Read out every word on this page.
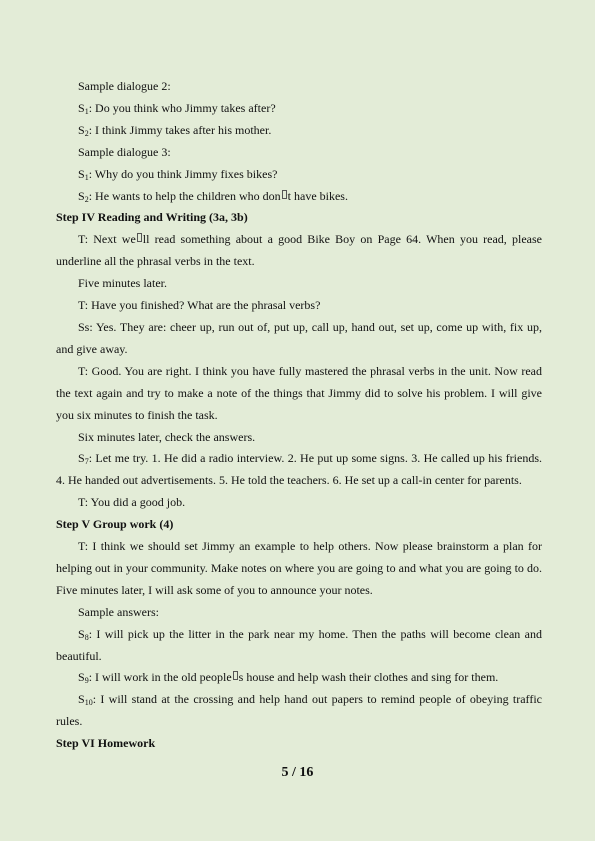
Sample dialogue 2:

$S_1$: Do you think who Jimmy takes after?

$S_2$: I think Jimmy takes after his mother.

Sample dialogue 3:

$S_1$: Why do you think Jimmy fixes bikes?

$S_2$: He wants to help the children who don t have bikes.

Step IV Reading and Writing (3a, 3b)

T: Next we ll read something about a good Bike Boy on Page 64. When you read, please underline all the phrasal verbs in the text.

Five minutes later.

T: Have you finished? What are the phrasal verbs?

Ss: Yes. They are: cheer up, run out of, put up, call up, hand out, set up, come up with, fix up, and give away.

T: Good. You are right. I think you have fully mastered the phrasal verbs in the unit. Now read the text again and try to make a note of the things that Jimmy did to solve his problem. I will give you six minutes to finish the task.

Six minutes later, check the answers.

$S_7$: Let me try. 1. He did a radio interview. 2. He put up some signs. 3. He called up his friends. 4. He handed out advertisements. 5. He told the teachers. 6. He set up a call-in center for parents.

T: You did a good job.

Step V Group work (4)

T: I think we should set Jimmy an example to help others. Now please brainstorm a plan for helping out in your community. Make notes on where you are going to and what you are going to do. Five minutes later, I will ask some of you to announce your notes.

Sample answers:

$S_8$: I will pick up the litter in the park near my home. Then the paths will become clean and beautiful.

$S_9$: I will work in the old people s house and help wash their clothes and sing for them.

$S_{10}$: I will stand at the crossing and help hand out papers to remind people of obeying traffic rules.

Step VI Homework

5 / 16
